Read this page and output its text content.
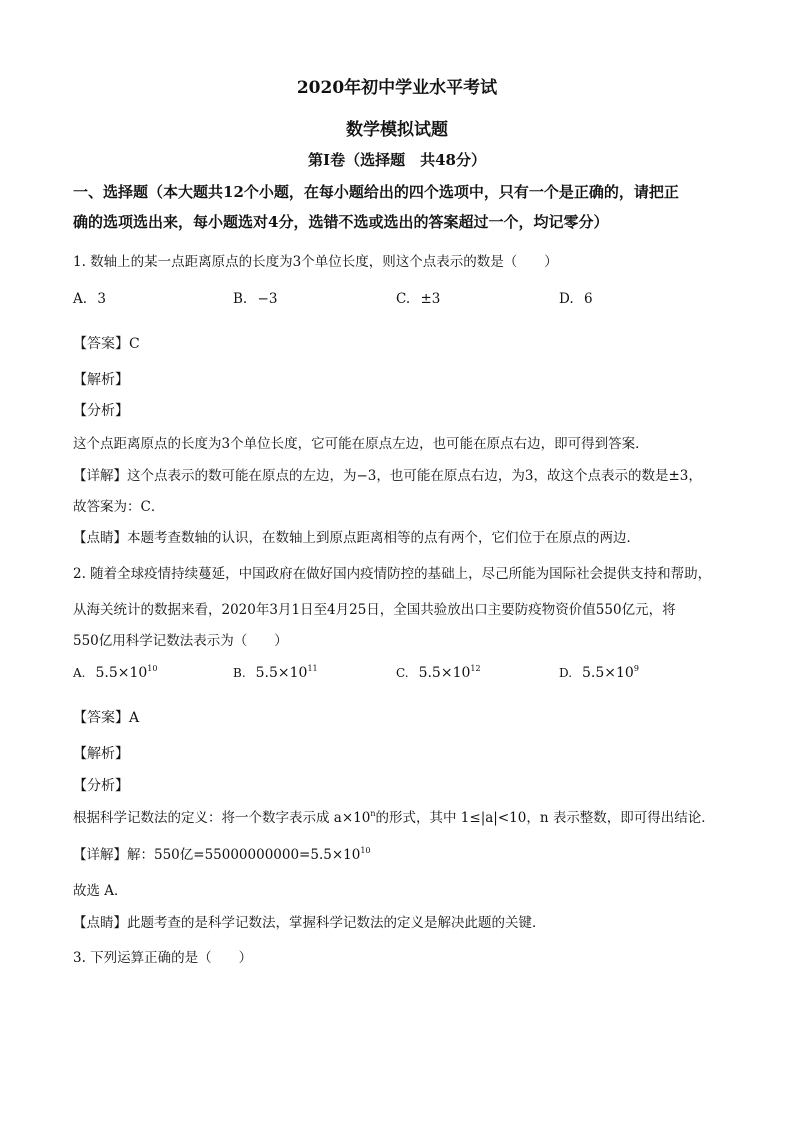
2020年初中学业水平考试
数学模拟试题
第Ⅰ卷（选择题　共48分）
一、选择题（本大题共12个小题，在每小题给出的四个选项中，只有一个是正确的，请把正
确的选项选出来，每小题选对4分，选错不选或选出的答案超过一个，均记零分）
1. 数轴上的某一点距离原点的长度为3个单位长度，则这个点表示的数是（　　）
A. 3	B. −3	C. ±3	D. 6
【答案】C
【解析】
【分析】
这个点距离原点的长度为3个单位长度，它可能在原点左边，也可能在原点右边，即可得到答案．
【详解】这个点表示的数可能在原点的左边，为−3，也可能在原点右边，为3，故这个点表示的数是±3，
故答案为：C．
【点睛】本题考查数轴的认识，在数轴上到原点距离相等的点有两个，它们位于在原点的两边．
2. 随着全球疫情持续蔓延，中国政府在做好国内疫情防控的基础上，尽己所能为国际社会提供支持和帮助，
从海关统计的数据来看，2020年3月1日至4月25日，全国共验放出口主要防疫物资价值550亿元，将
550亿用科学记数法表示为（　　）
A. $5.5\times 10^{10}$	B. $5.5\times 10^{11}$	C. $5.5\times 10^{12}$	D. $5.5\times 10^9$
【答案】A
【解析】
【分析】
根据科学记数法的定义：将一个数字表示成 $a\times 10^n$的形式，其中 1≤|a|<10，n 表示整数，即可得出结论．
【详解】解：550亿$=55000000000=5.5\times 10^{10}$
故选 A．
【点睛】此题考查的是科学记数法，掌握科学记数法的定义是解决此题的关键．
3. 下列运算正确的是（　　）
